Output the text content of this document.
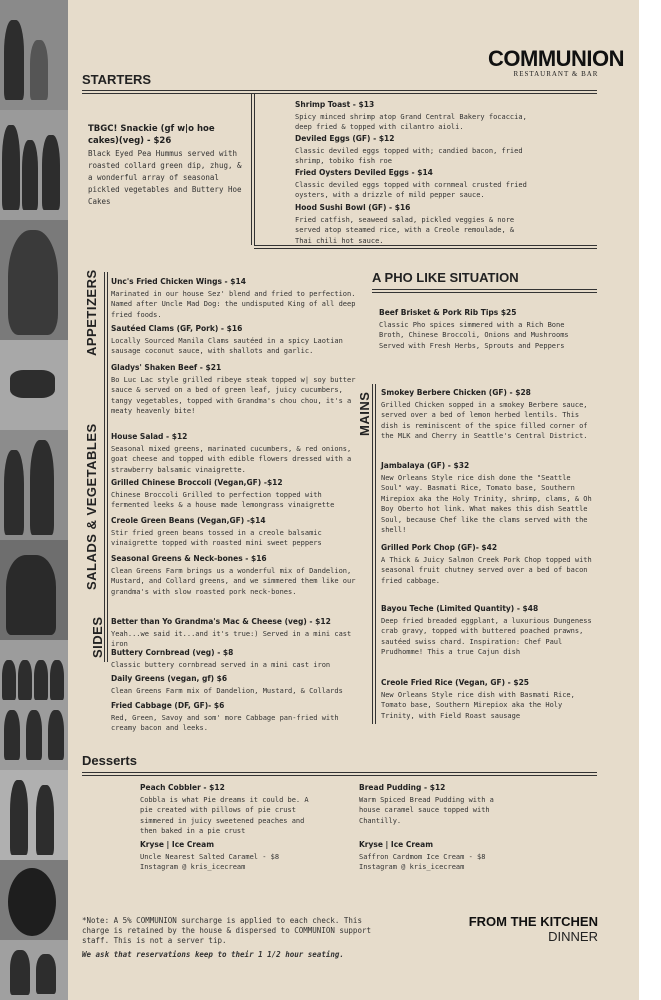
COMMUNION
RESTAURANT & BAR
STARTERS
TBGC! Snackie (gf w|o hoe cakes)(veg) - $26
Black Eyed Pea Hummus served with roasted collard green dip, zhug, & a wonderful array of seasonal pickled vegetables and Buttery Hoe Cakes
Shrimp Toast - $13
Spicy minced shrimp atop Grand Central Bakery focaccia, deep fried & topped with cilantro aioli.
Deviled Eggs (GF) - $12
Classic deviled eggs topped with; candied bacon, fried shrimp, tobiko fish roe
Fried Oysters Deviled Eggs - $14
Classic deviled eggs topped with cornmeal crusted fried oysters, with a drizzle of mild pepper sauce.
Hood Sushi Bowl (GF) - $16
Fried catfish, seaweed salad, pickled veggies & nore served atop steamed rice, with a Creole remoulade, & Thai chili hot sauce.
APPETIZERS Unc's Fried Chicken Wings - $14
Marinated in our house Sez' blend and fried to perfection. Named after Uncle Mad Dog: the undisputed King of all deep fried foods.
Sautéed Clams (GF, Pork) - $16
Locally Sourced Manila Clams sautéed in a spicy Laotian sausage coconut sauce, with shallots and garlic.
Gladys' Shaken Beef - $21
Bo Luc Lac style grilled ribeye steak topped w| soy butter sauce & served on a bed of green leaf, juicy cucumbers, tangy vegetables, topped with Grandma's chou chou, it's a meaty heavenly bite!
SALADS & VEGETABLES House Salad - $12
Seasonal mixed greens, marinated cucumbers, & red onions, goat cheese and topped with edible flowers dressed with a strawberry balsamic vinaigrette.
Grilled Chinese Broccoli (Vegan,GF) -$12
Chinese Broccoli Grilled to perfection topped with fermented leeks & a house made lemongrass vinaigrette
Creole Green Beans (Vegan,GF) -$14
Stir fried green beans tossed in a creole balsamic vinaigrette topped with roasted mini sweet peppers
Seasonal Greens & Neck-bones - $16
Clean Greens Farm brings us a wonderful mix of Dandelion, Mustard, and Collard greens, and we simmered them like our grandma's with slow roasted pork neck-bones.
SIDES Better than Yo Grandma's Mac & Cheese (veg) - $12
Yeah...we said it...and it's true:) Served in a mini cast iron
Buttery Cornbread (veg) - $8
Classic buttery cornbread served in a mini cast iron
Daily Greens (vegan, gf) $6
Clean Greens Farm mix of Dandelion, Mustard, & Collards
Fried Cabbage (DF, GF)- $6
Red, Green, Savoy and som' more Cabbage pan-fried with creamy bacon and leeks.
A PHO LIKE SITUATION
Beef Brisket & Pork Rib Tips $25
Classic Pho spices simmered with a Rich Bone Broth, Chinese Broccoli, Onions and Mushrooms Served with Fresh Herbs, Sprouts and Peppers
MAINS Smokey Berbere Chicken (GF) - $28
Grilled Chicken sopped in a smokey Berbere sauce, served over a bed of lemon herbed lentils. This dish is reminiscent of the spice filled corner of the MLK and Cherry in Seattle's Central District.
Jambalaya (GF) - $32
New Orleans Style rice dish done the "Seattle Soul" way. Basmati Rice, Tomato base, Southern Mirepiox aka the Holy Trinity, shrimp, clams, & Oh Boy Oberto hot link. What makes this dish Seattle Soul, because Chef like the clams served with the shell!
Grilled Pork Chop (GF)- $42
A Thick & Juicy Salmon Creek Pork Chop topped with seasonal fruit chutney served over a bed of bacon fried cabbage.
Bayou Teche (Limited Quantity) - $48
Deep fried breaded eggplant, a luxurious Dungeness crab gravy, topped with buttered poached prawns, sautéed swiss chard. Inspiration: Chef Paul Prudhomme! This a true Cajun dish
Creole Fried Rice (Vegan, GF) - $25
New Orleans Style rice dish with Basmati Rice, Tomato base, Southern Mirepiox aka the Holy Trinity, with Field Roast sausage
Desserts
Peach Cobbler - $12
Cobbla is what Pie dreams it could be. A pie created with pillows of pie crust simmered in juicy sweetened peaches and then baked in a pie crust
Kryse | Ice Cream
Uncle Nearest Salted Caramel - $8
Instagram @ kris_icecream
Bread Pudding - $12
Warm Spiced Bread Pudding with a house caramel sauce topped with Chantilly.
Kryse | Ice Cream
Saffron Cardmom Ice Cream - $8
Instagram @ kris_icecream
*Note: A 5% COMMUNION surcharge is applied to each check. This charge is retained by the house & dispersed to COMMUNION support staff. This is not a server tip.
We ask that reservations keep to their 1 1/2 hour seating.
FROM THE KITCHEN
DINNER
